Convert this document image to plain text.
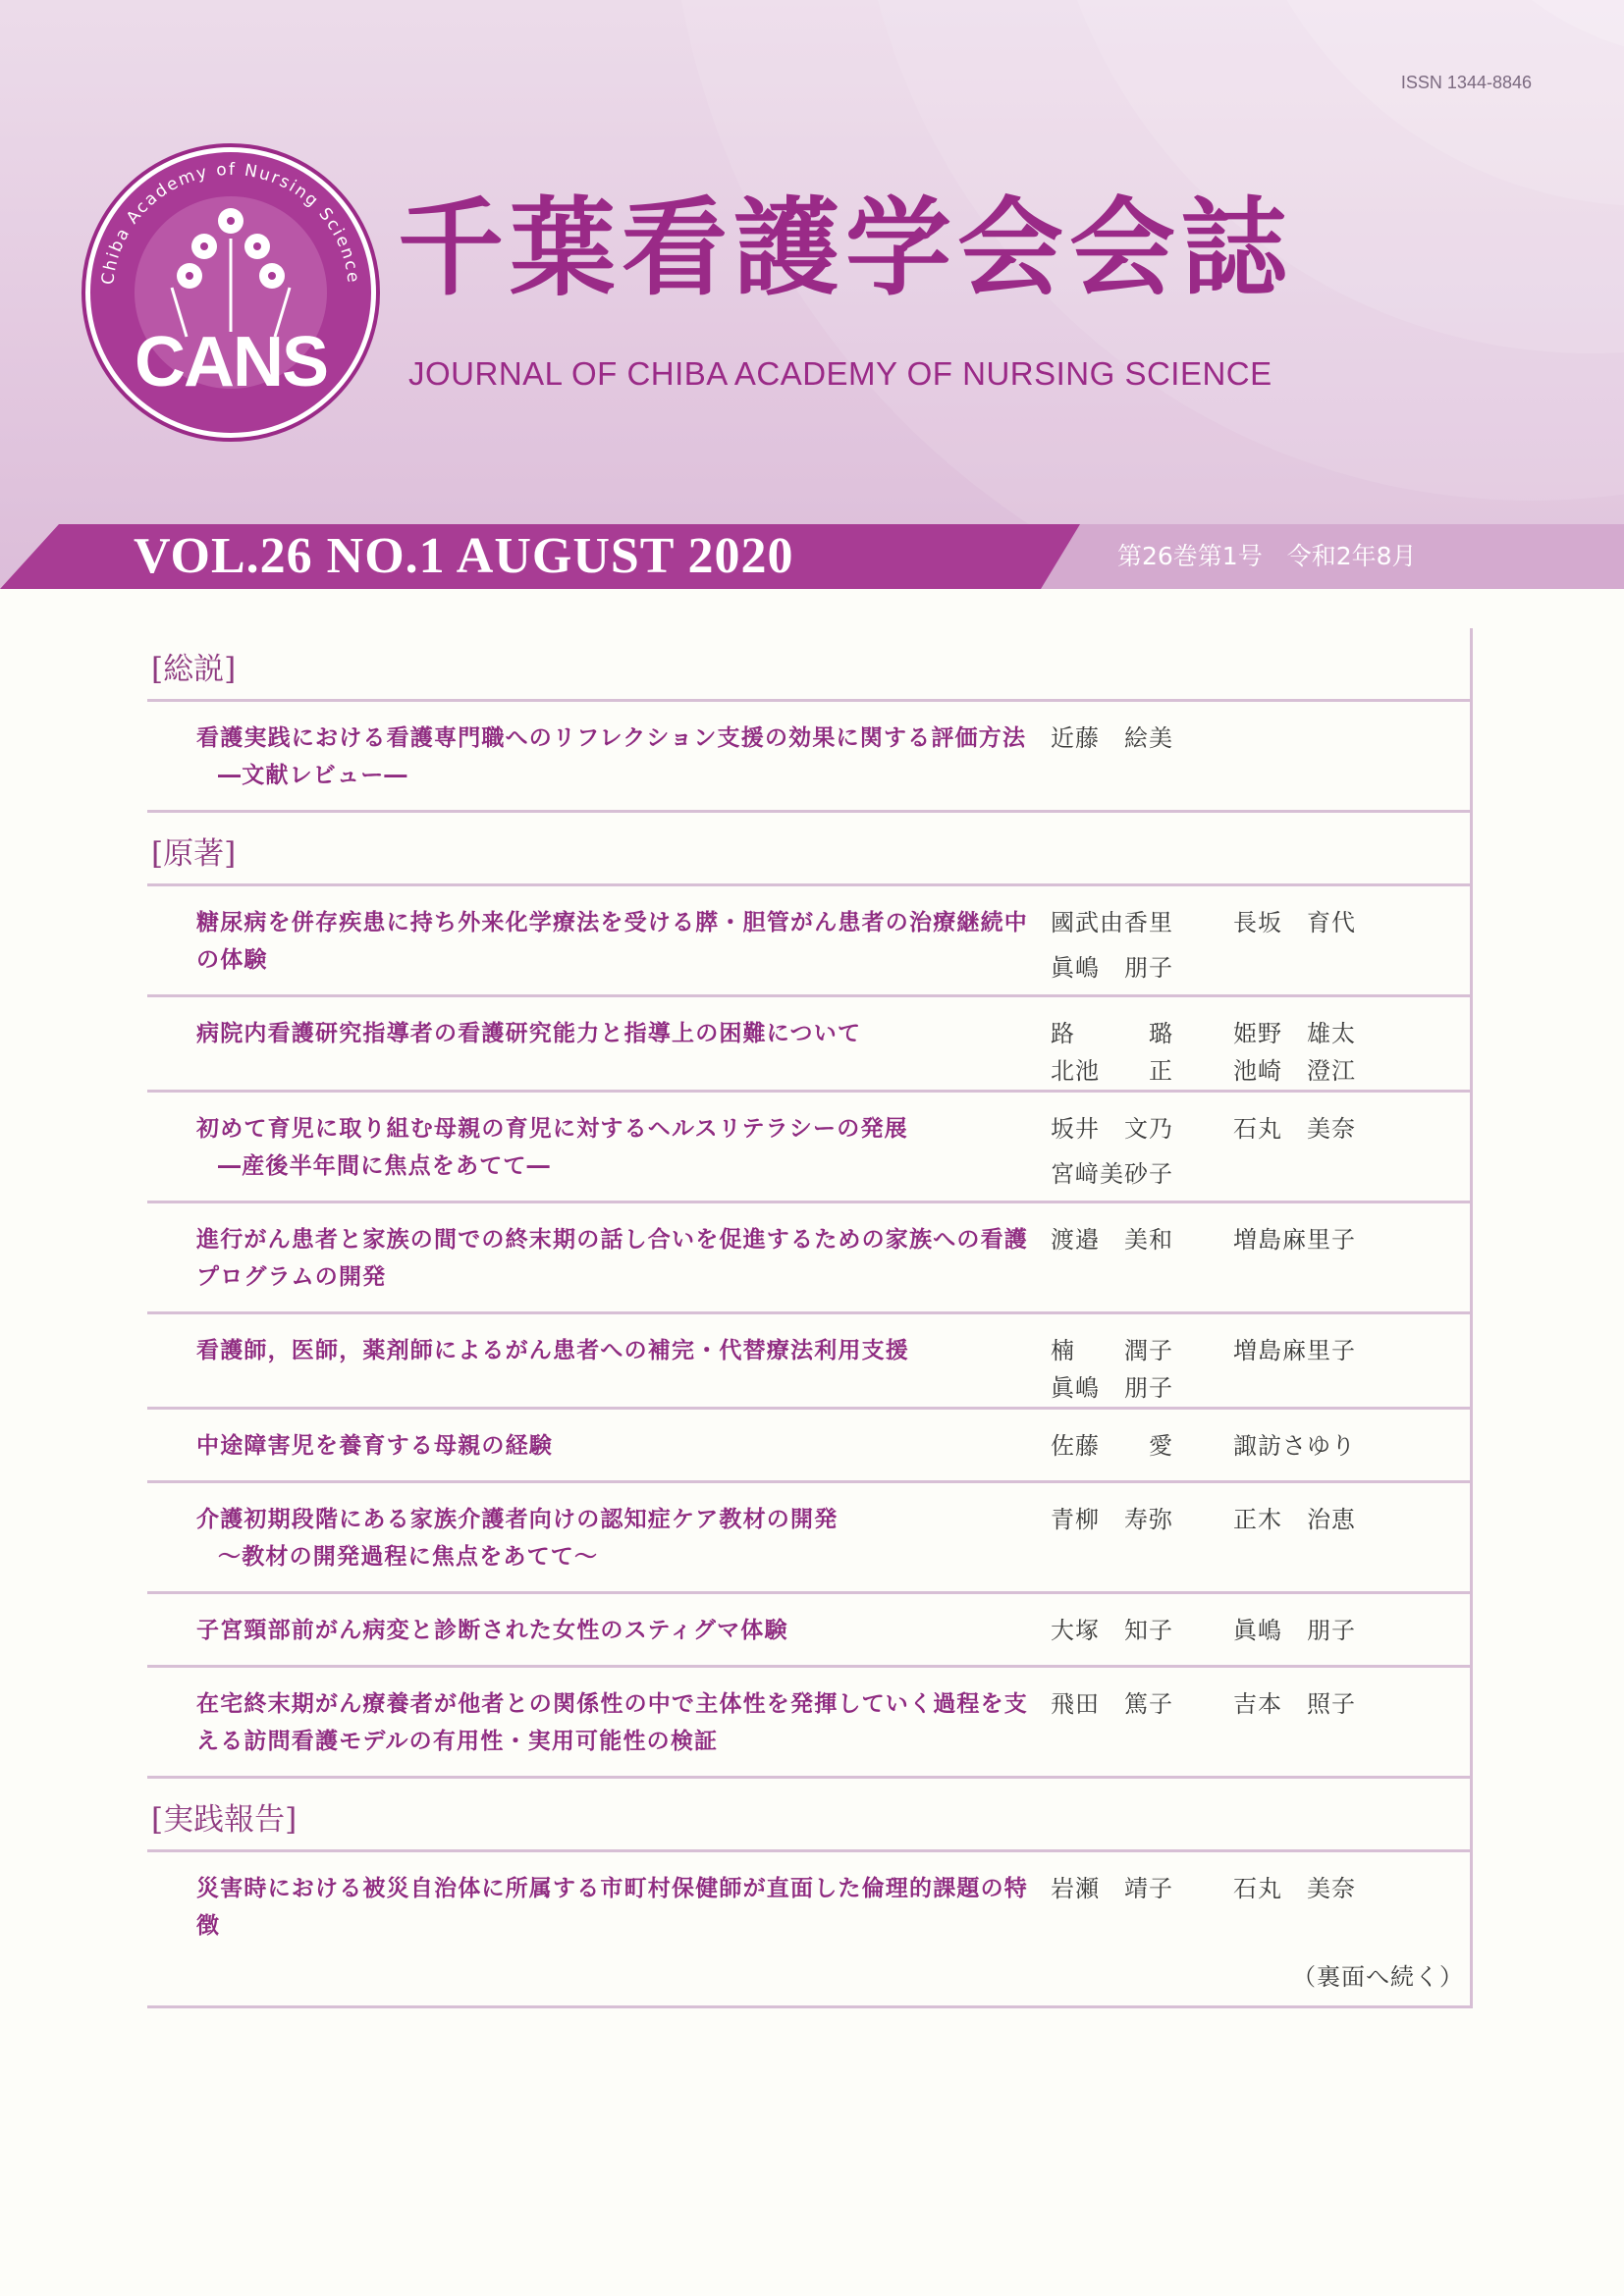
ISSN 1344-8846
Chiba Academy of Nursing Science
CANS
千葉看護学会会誌
JOURNAL OF CHIBA ACADEMY OF NURSING SCIENCE
VOL.26 NO.1 AUGUST 2020	第26巻第1号　令和2年8月
[総説]
看護実践における看護専門職へのリフレクション支援の効果に関する評価方法
―文献レビュー―
近藤　絵美
[原著]
糖尿病を併存疾患に持ち外来化学療法を受ける膵・胆管がん患者の治療継続中の体験
國武由香里	長坂　育代
眞嶋　朋子
病院内看護研究指導者の看護研究能力と指導上の困難について	路　　　璐	姫野　雄太
北池　　正	池崎　澄江
初めて育児に取り組む母親の育児に対するヘルスリテラシーの発展
―産後半年間に焦点をあてて―
坂井　文乃	石丸　美奈
宮﨑美砂子
進行がん患者と家族の間での終末期の話し合いを促進するための家族への看護プログラムの開発
渡邉　美和	増島麻里子
看護師，医師，薬剤師によるがん患者への補完・代替療法利用支援	楠　　潤子	増島麻里子
眞嶋　朋子
中途障害児を養育する母親の経験	佐藤　　愛	諏訪さゆり
介護初期段階にある家族介護者向けの認知症ケア教材の開発
～教材の開発過程に焦点をあてて～
青柳　寿弥	正木　治恵
子宮頸部前がん病変と診断された女性のスティグマ体験	大塚　知子	眞嶋　朋子
在宅終末期がん療養者が他者との関係性の中で主体性を発揮していく過程を支える訪問看護モデルの有用性・実用可能性の検証
飛田　篤子	吉本　照子
[実践報告]
災害時における被災自治体に所属する市町村保健師が直面した倫理的課題の特徴
岩瀬　靖子	石丸　美奈
（裏面へ続く）
